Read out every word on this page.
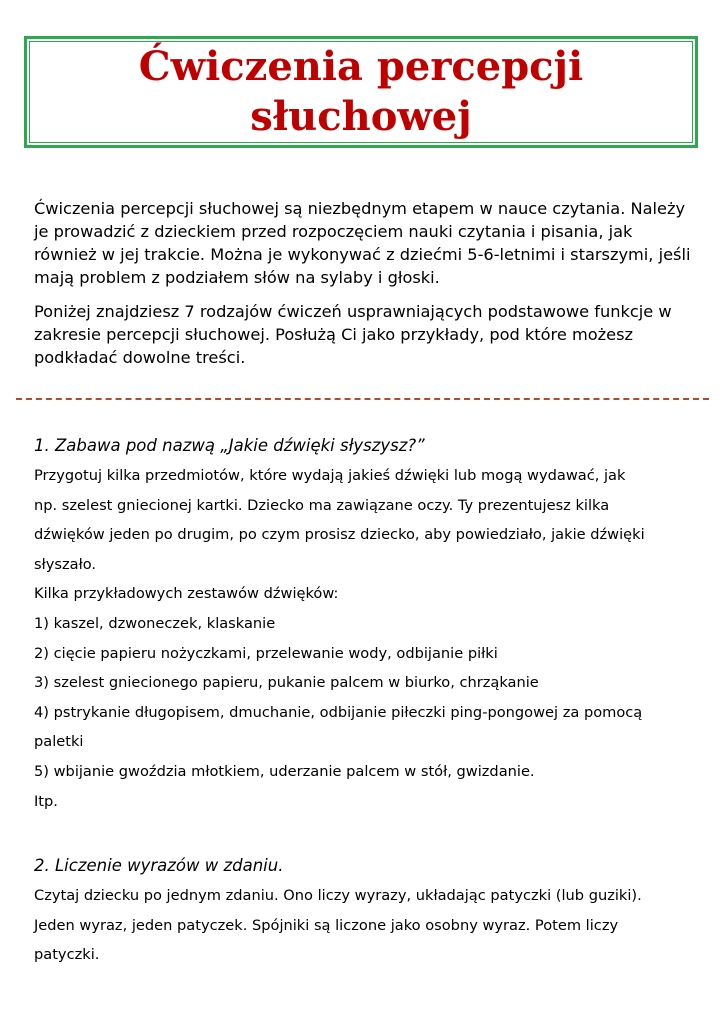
Ćwiczenia percepcji
słuchowej

Ćwiczenia percepcji słuchowej są niezbędnym etapem w nauce czytania. Należy je prowadzić z dzieckiem przed rozpoczęciem nauki czytania i pisania, jak również w jej trakcie. Można je wykonywać z dziećmi 5-6-letnimi i starszymi, jeśli mają problem z podziałem słów na sylaby i głoski.

Poniżej znajdziesz 7 rodzajów ćwiczeń usprawniających podstawowe funkcje w zakresie percepcji słuchowej. Posłużą Ci jako przykłady, pod które możesz podkładać dowolne treści.

1. Zabawa pod nazwą „Jakie dźwięki słyszysz?”
Przygotuj kilka przedmiotów, które wydają jakieś dźwięki lub mogą wydawać, jak
np. szelest gniecionej kartki. Dziecko ma zawiązane oczy. Ty prezentujesz kilka
dźwięków jeden po drugim, po czym prosisz dziecko, aby powiedziało, jakie dźwięki
słyszało.
Kilka przykładowych zestawów dźwięków:
1) kaszel, dzwoneczek, klaskanie
2) cięcie papieru nożyczkami, przelewanie wody, odbijanie piłki
3) szelest gniecionego papieru, pukanie palcem w biurko, chrząkanie
4) pstrykanie długopisem, dmuchanie, odbijanie piłeczki ping-pongowej za pomocą
paletki
5) wbijanie gwoździa młotkiem, uderzanie palcem w stół, gwizdanie.
Itp.
2. Liczenie wyrazów w zdaniu.
Czytaj dziecku po jednym zdaniu. Ono liczy wyrazy, układając patyczki (lub guziki).
Jeden wyraz, jeden patyczek. Spójniki są liczone jako osobny wyraz. Potem liczy
patyczki.
